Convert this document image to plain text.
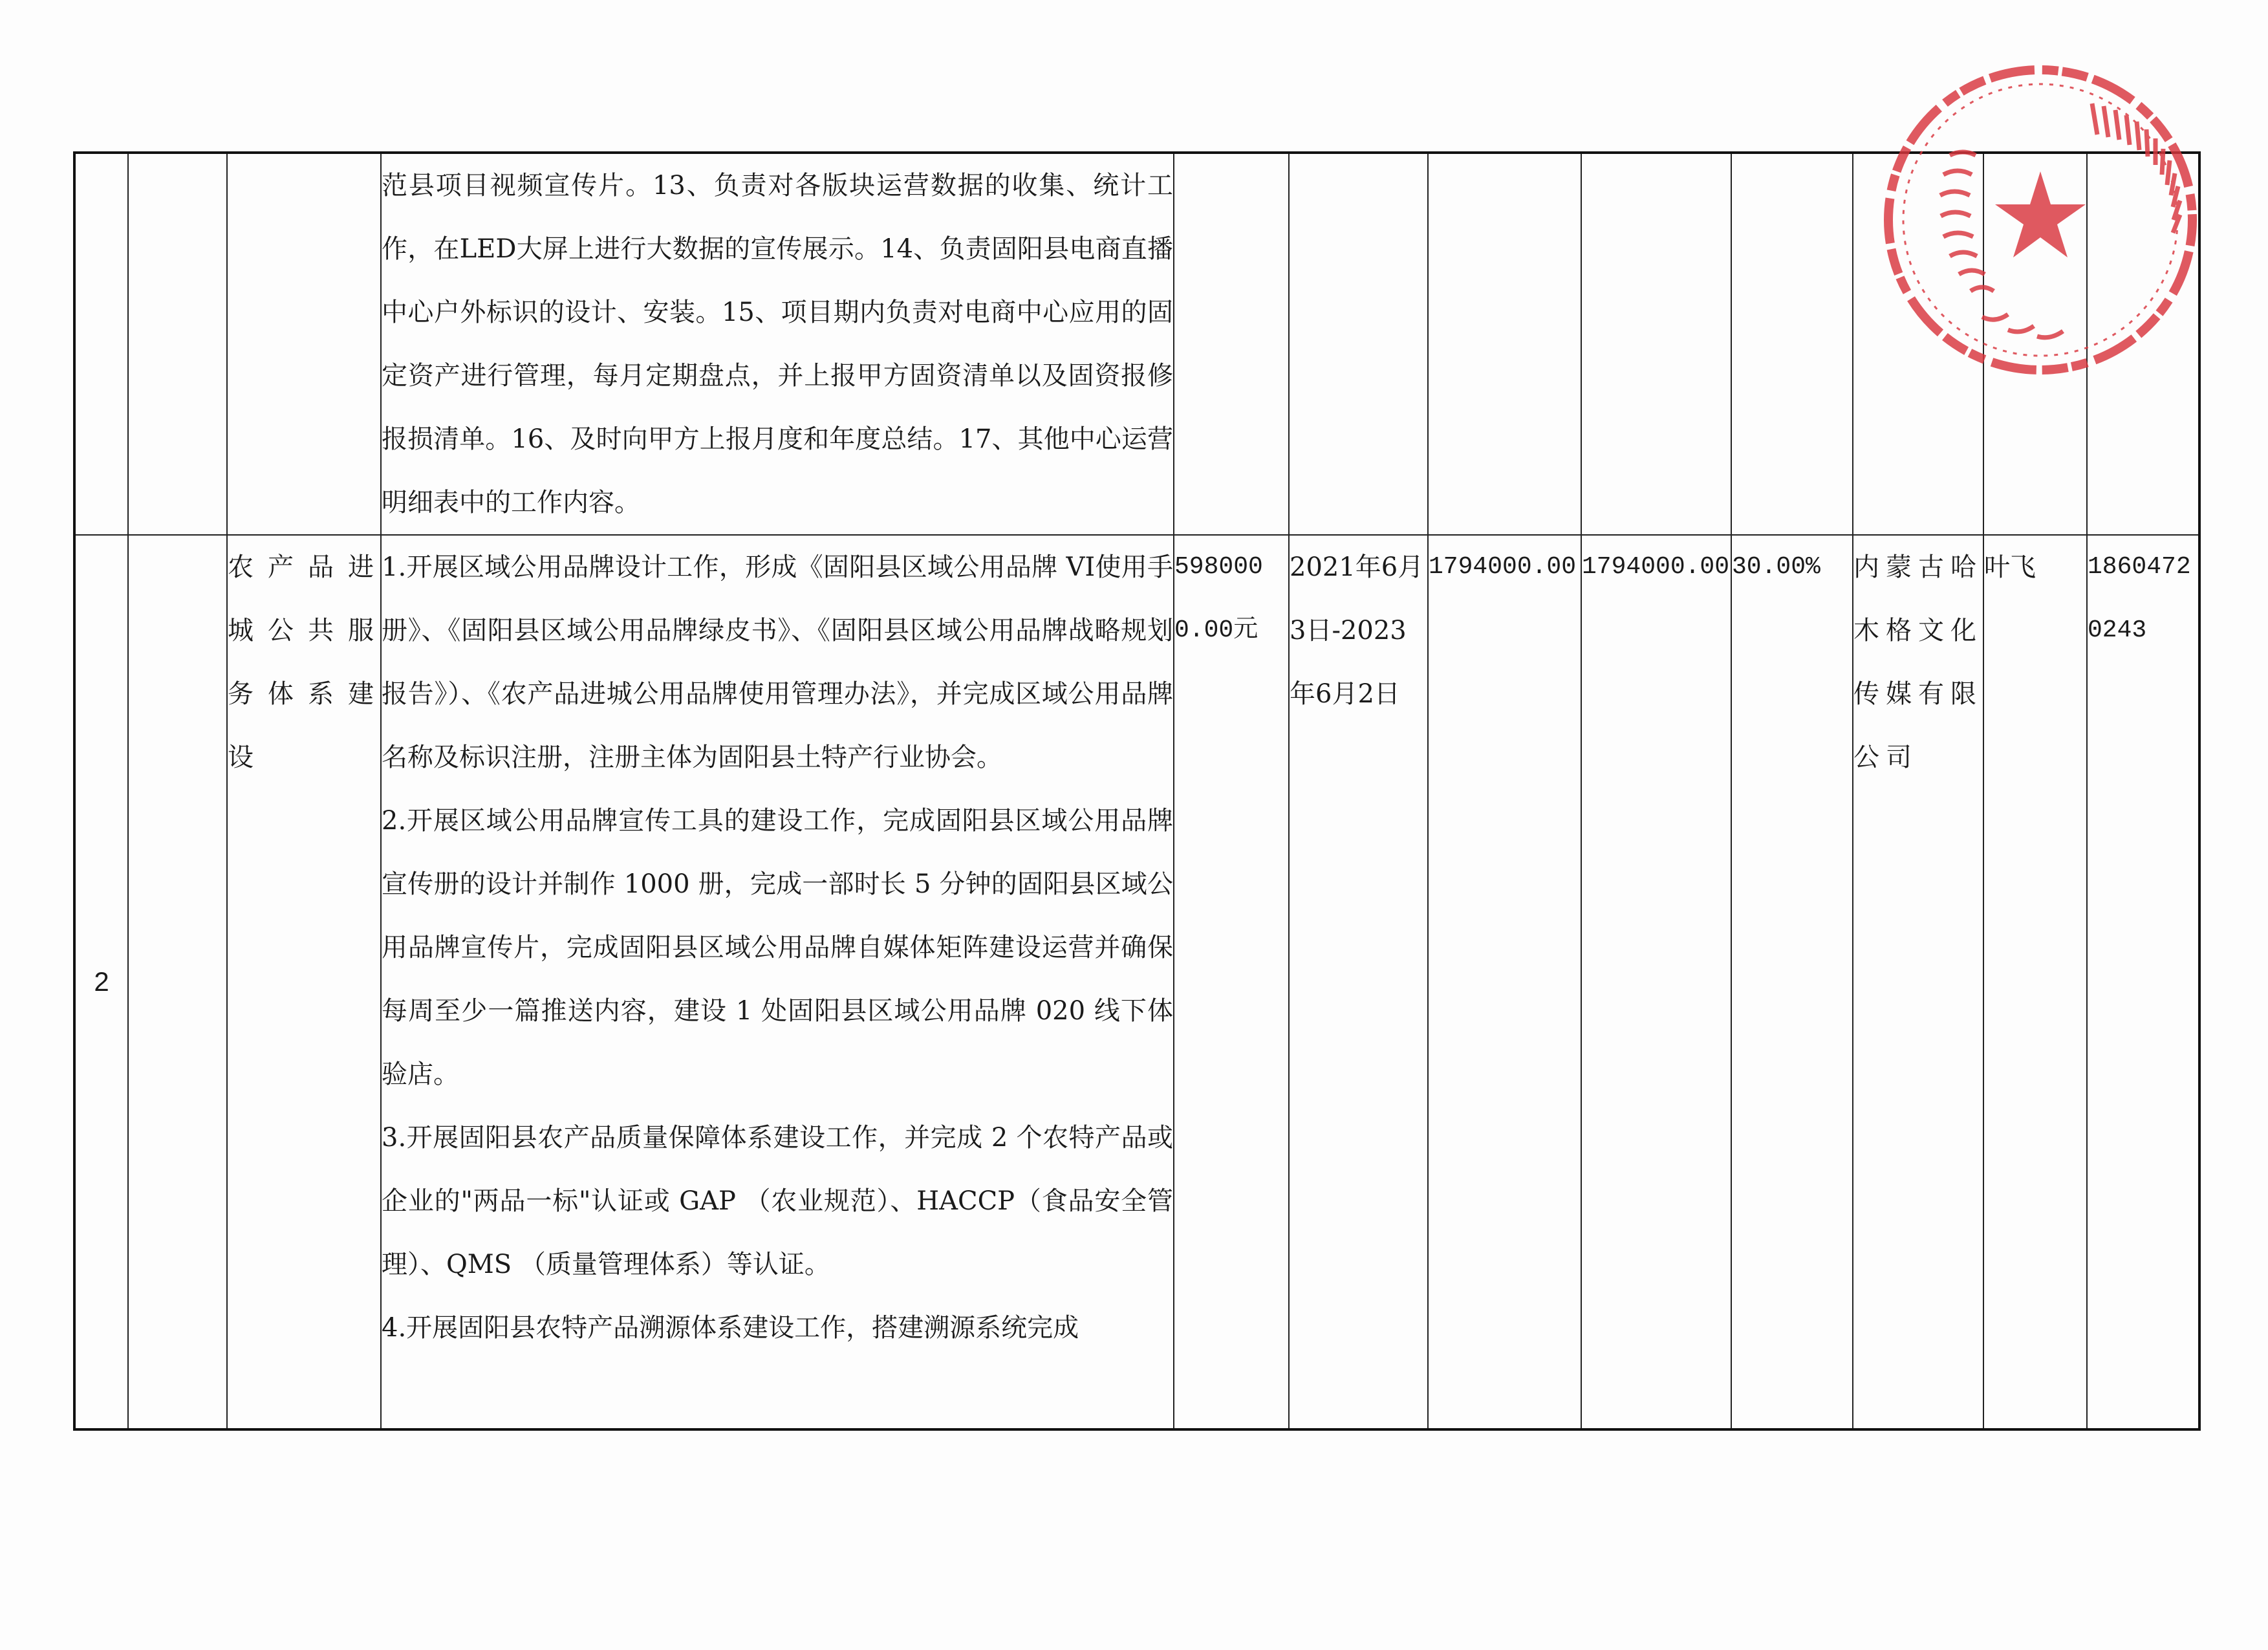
			范县项目视频宣传片。13、负责对各版块运营数据的收集、统计工作，在LED大屏上进行大数据的宣传展示。14、负责固阳县电商直播中心户外标识的设计、安装。15、项目期内负责对电商中心应用的固定资产进行管理，每月定期盘点，并上报甲方固资清单以及固资报修报损清单。16、及时向甲方上报月度和年度总结。17、其他中心运营明细表中的工作内容。								

2		农产品进城公共服务体系建设	1.开展区域公用品牌设计工作，形成《固阳县区域公用品牌 VI使用手册》、《固阳县区域公用品牌绿皮书》、《固阳县区域公用品牌战略规划报告》）、《农产品进城公用品牌使用管理办法》，并完成区域公用品牌名称及标识注册，注册主体为固阳县土特产行业协会。

2.开展区域公用品牌宣传工具的建设工作，完成固阳县区域公用品牌宣传册的设计并制作 1000 册，完成一部时长 5 分钟的固阳县区域公用品牌宣传片，完成固阳县区域公用品牌自媒体矩阵建设运营并确保每周至少一篇推送内容，建设 1 处固阳县区域公用品牌 020 线下体验店。

3.开展固阳县农产品质量保障体系建设工作，并完成 2 个农特产品或企业的"两品一标"认证或 GAP （农业规范）、HACCP（食品安全管理）、QMS （质量管理体系）等认证。

4.开展固阳县农特产品溯源体系建设工作，搭建溯源系统完成	5980000.00元	2021年6月3日-2023年6月2日	1794000.00	1794000.00	30.00%	内蒙古哈木格文化传媒有限公司	叶飞	18604720243
